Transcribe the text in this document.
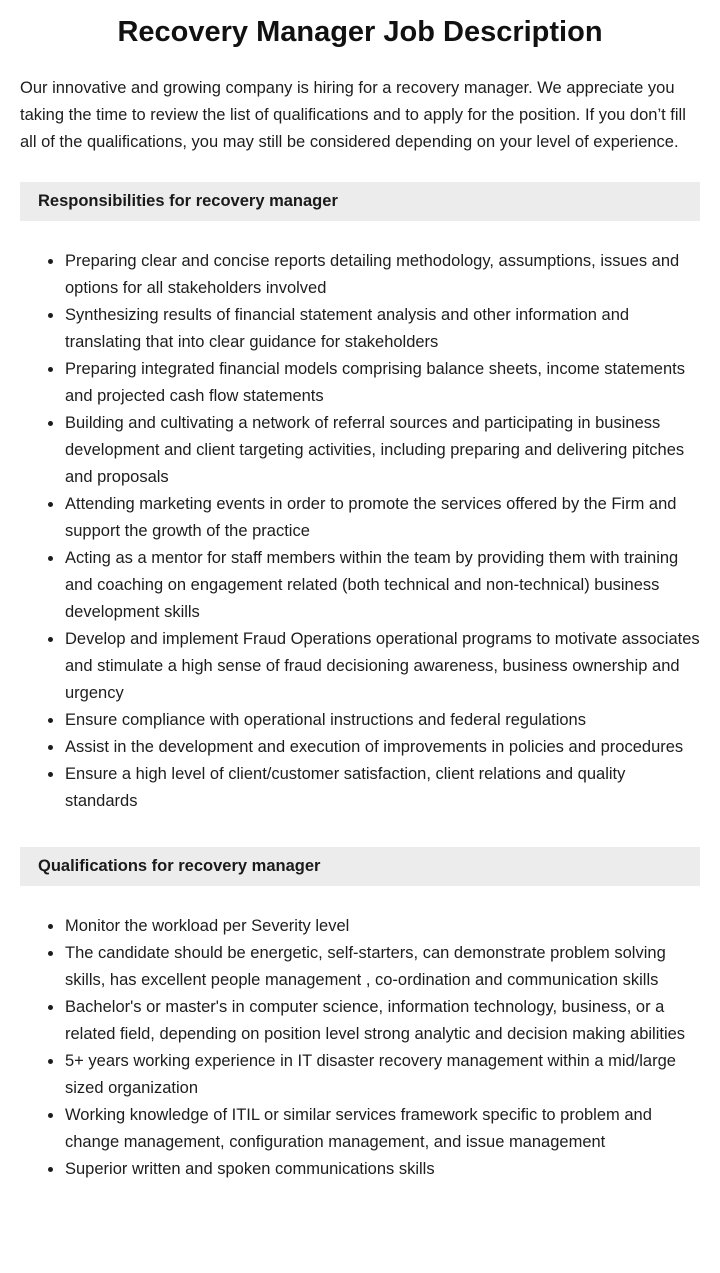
Recovery Manager Job Description

Our innovative and growing company is hiring for a recovery manager. We appreciate you taking the time to review the list of qualifications and to apply for the position. If you don’t fill all of the qualifications, you may still be considered depending on your level of experience.

Responsibilities for recovery manager
• Preparing clear and concise reports detailing methodology, assumptions, issues and options for all stakeholders involved
• Synthesizing results of financial statement analysis and other information and translating that into clear guidance for stakeholders
• Preparing integrated financial models comprising balance sheets, income statements and projected cash flow statements
• Building and cultivating a network of referral sources and participating in business development and client targeting activities, including preparing and delivering pitches and proposals
• Attending marketing events in order to promote the services offered by the Firm and support the growth of the practice
• Acting as a mentor for staff members within the team by providing them with training and coaching on engagement related (both technical and non-technical) business development skills
• Develop and implement Fraud Operations operational programs to motivate associates and stimulate a high sense of fraud decisioning awareness, business ownership and urgency
• Ensure compliance with operational instructions and federal regulations
• Assist in the development and execution of improvements in policies and procedures
• Ensure a high level of client/customer satisfaction, client relations and quality standards
Qualifications for recovery manager
• Monitor the workload per Severity level
• The candidate should be energetic, self-starters, can demonstrate problem solving skills, has excellent people management , co-ordination and communication skills
• Bachelor's or master's in computer science, information technology, business, or a related field, depending on position level strong analytic and decision making abilities
• 5+ years working experience in IT disaster recovery management within a mid/large sized organization
• Working knowledge of ITIL or similar services framework specific to problem and change management, configuration management, and issue management
• Superior written and spoken communications skills
